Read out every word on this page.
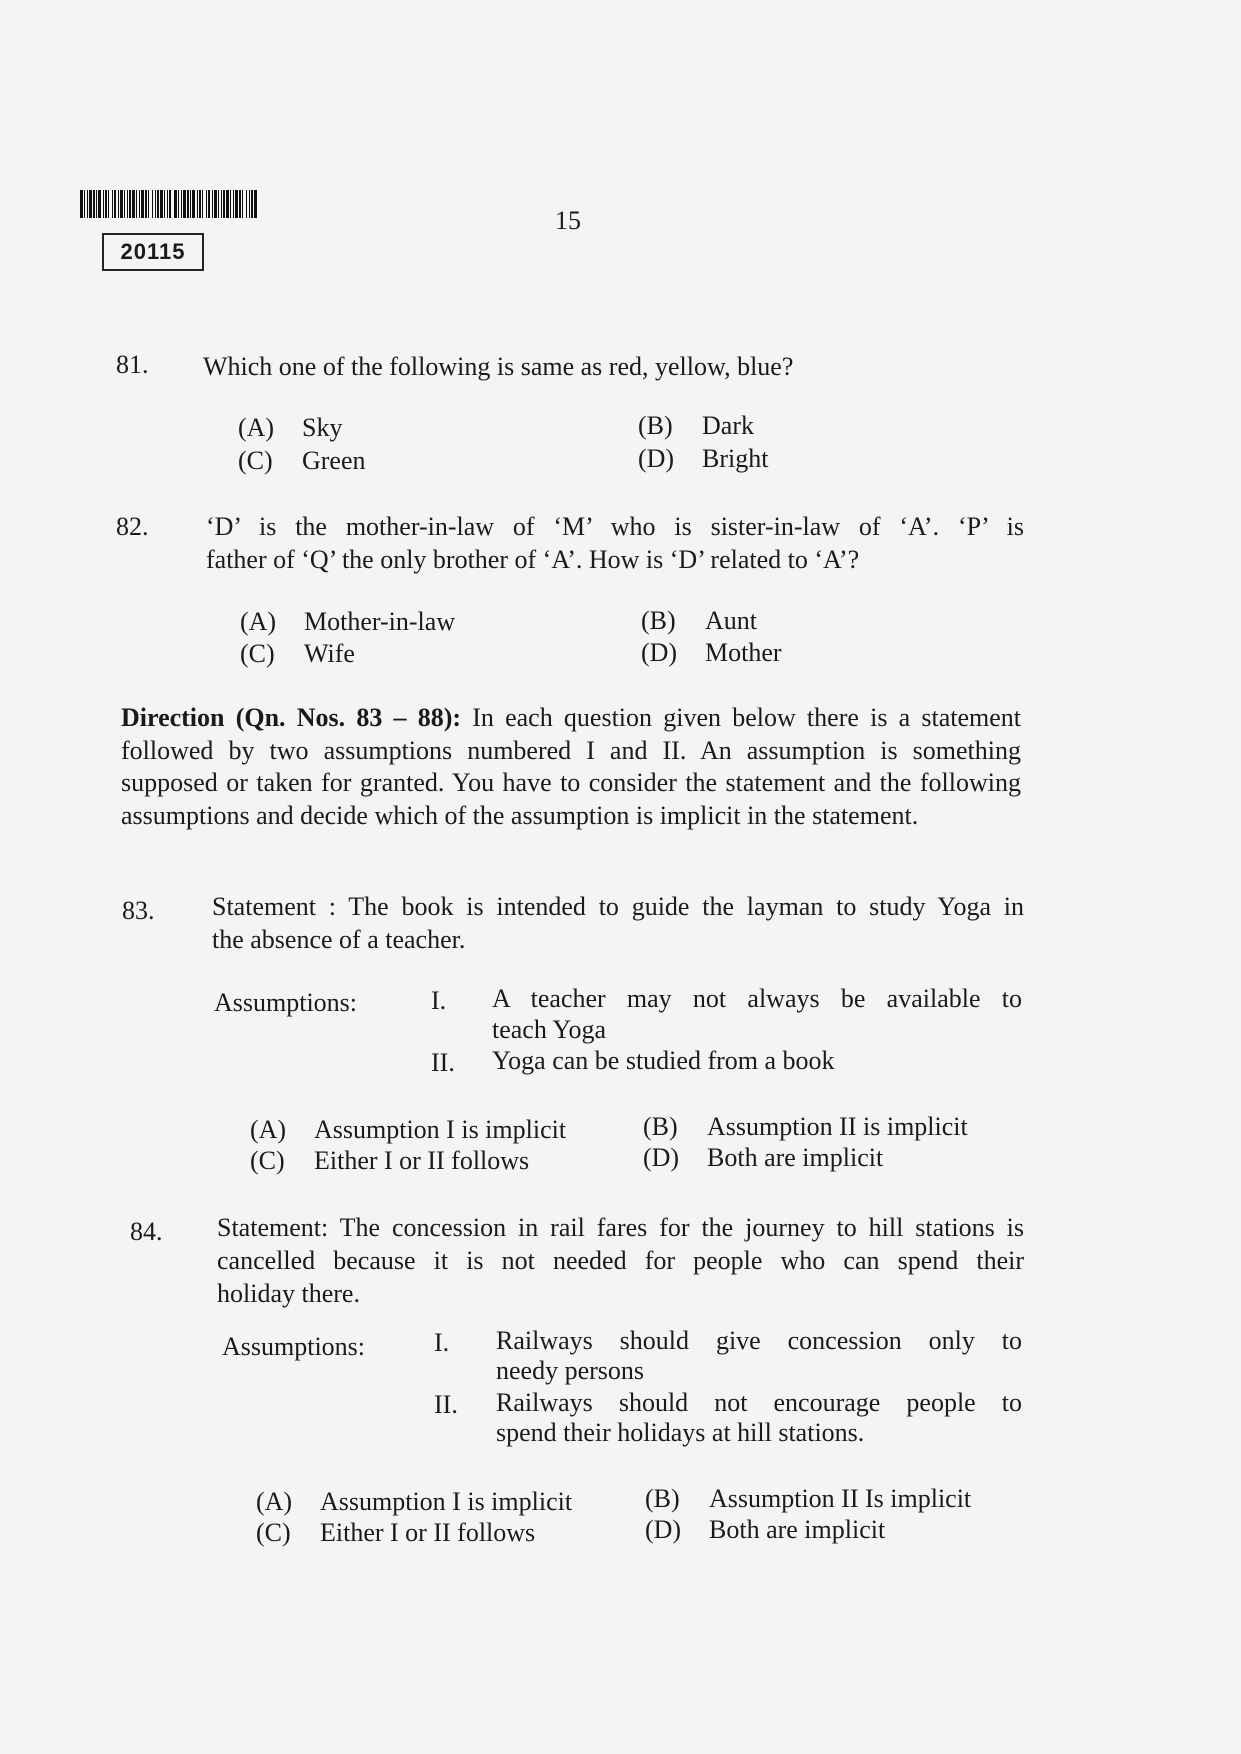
20115
15
81. Which one of the following is same as red, yellow, blue?
(A) Sky	(B) Dark
(C) Green	(D) Bright
82. ‘D’ is the mother-in-law of ‘M’ who is sister-in-law of ‘A’. ‘P’ is
father of ‘Q’ the only brother of ‘A’. How is ‘D’ related to ‘A’?
(A) Mother-in-law	(B) Aunt
(C) Wife	(D) Mother
Direction (Qn. Nos. 83 – 88): In each question given below there is a statement followed by two assumptions numbered I and II. An assumption is something supposed or taken for granted. You have to consider the statement and the following assumptions and decide which of the assumption is implicit in the statement.
83. Statement : The book is intended to guide the layman to study Yoga in
the absence of a teacher.
Assumptions:	I. A teacher may not always be available to
teach Yoga
II. Yoga can be studied from a book
(A) Assumption I is implicit	(B) Assumption II is implicit
(C) Either I or II follows	(D) Both are implicit
84. Statement: The concession in rail fares for the journey to hill stations is
cancelled because it is not needed for people who can spend their
holiday there.
Assumptions:	I. Railways should give concession only to
needy persons
II. Railways should not encourage people to
spend their holidays at hill stations.
(A) Assumption I is implicit	(B) Assumption II Is implicit
(C) Either I or II follows	(D) Both are implicit
